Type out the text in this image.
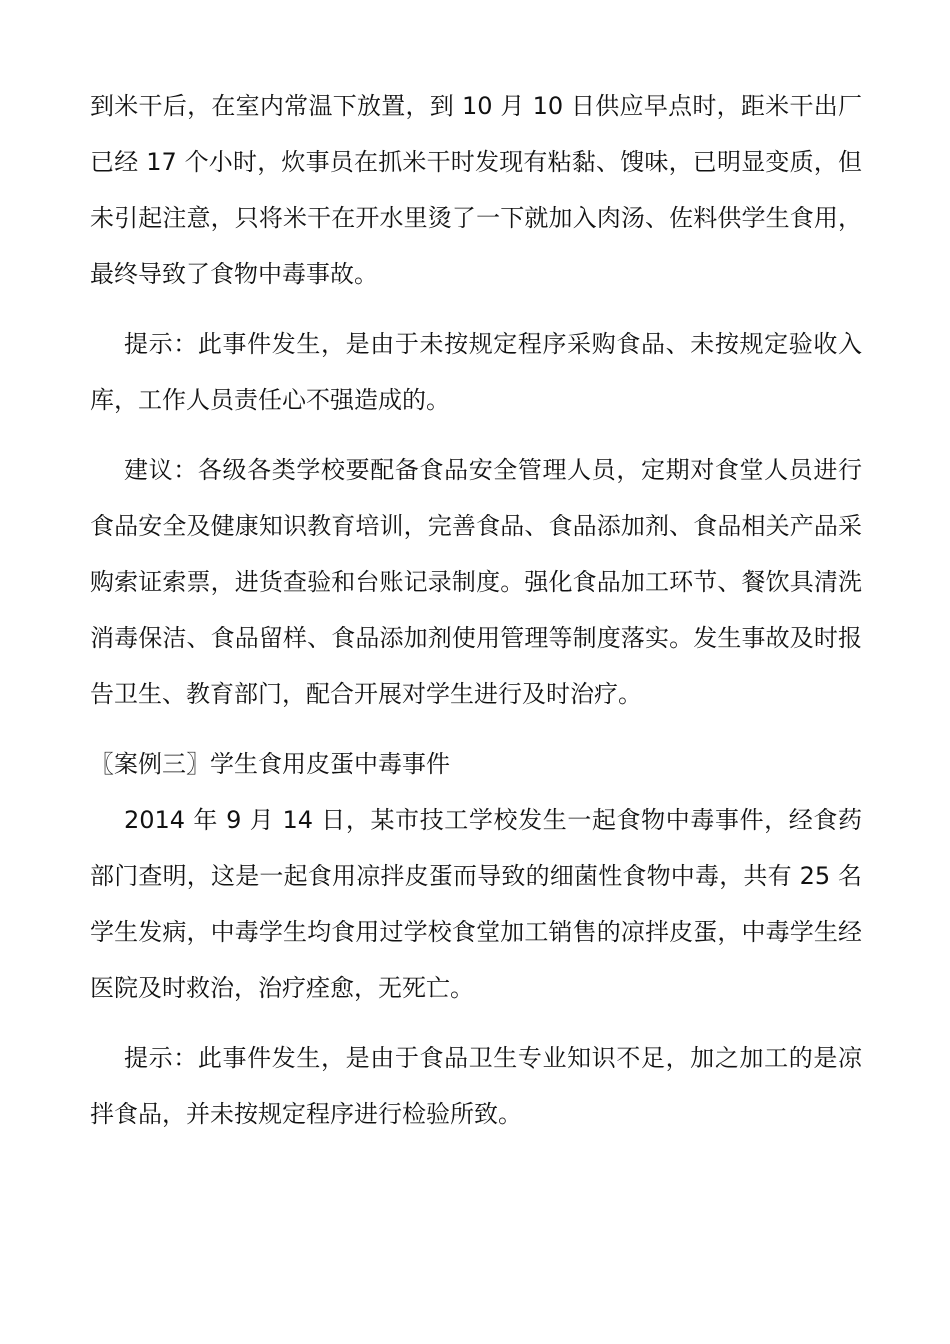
到米干后，在室内常温下放置，到 10 月 10 日供应早点时，距米干出厂已经 17 个小时，炊事员在抓米干时发现有粘黏、馊味，已明显变质，但未引起注意，只将米干在开水里烫了一下就加入肉汤、佐料供学生食用，最终导致了食物中毒事故。

提示：此事件发生，是由于未按规定程序采购食品、未按规定验收入库，工作人员责任心不强造成的。

建议：各级各类学校要配备食品安全管理人员，定期对食堂人员进行食品安全及健康知识教育培训，完善食品、食品添加剂、食品相关产品采购索证索票，进货查验和台账记录制度。强化食品加工环节、餐饮具清洗消毒保洁、食品留样、食品添加剂使用管理等制度落实。发生事故及时报告卫生、教育部门，配合开展对学生进行及时治疗。

〖案例三〗学生食用皮蛋中毒事件

2014 年 9 月 14 日，某市技工学校发生一起食物中毒事件，经食药部门查明，这是一起食用凉拌皮蛋而导致的细菌性食物中毒，共有 25 名学生发病，中毒学生均食用过学校食堂加工销售的凉拌皮蛋，中毒学生经医院及时救治，治疗痊愈，无死亡。

提示：此事件发生，是由于食品卫生专业知识不足，加之加工的是凉拌食品，并未按规定程序进行检验所致。
